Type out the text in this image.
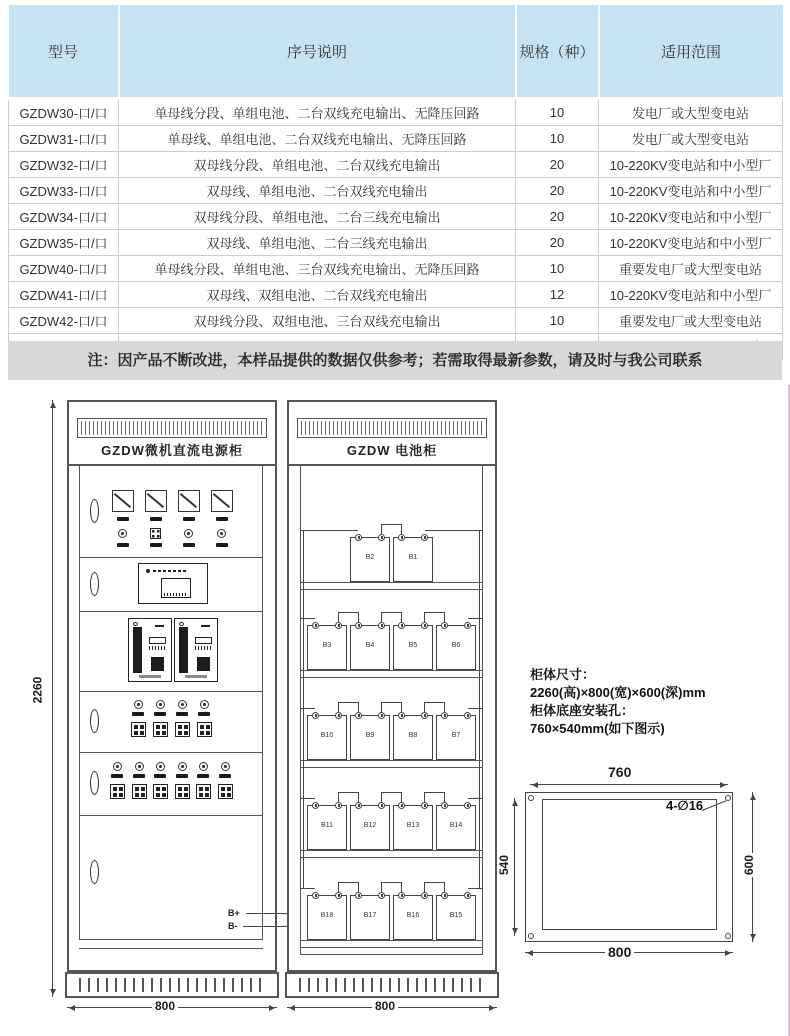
型号	序号说明	规格（种）	适用范围
GZDW30-口/口	单母线分段、单组电池、二台双线充电输出、无降压回路	10	发电厂或大型变电站
GZDW31-口/口	单母线、单组电池、二台双线充电输出、无降压回路	10	发电厂或大型变电站
GZDW32-口/口	双母线分段、单组电池、二台双线充电输出	20	10-220KV变电站和中小型厂
GZDW33-口/口	双母线、单组电池、二台双线充电输出	20	10-220KV变电站和中小型厂
GZDW34-口/口	双母线分段、单组电池、二台三线充电输出	20	10-220KV变电站和中小型厂
GZDW35-口/口	双母线、单组电池、二台三线充电输出	20	10-220KV变电站和中小型厂
GZDW40-口/口	单母线分段、单组电池、三台双线充电输出、无降压回路	10	重要发电厂或大型变电站
GZDW41-口/口	双母线、双组电池、二台双线充电输出	12	10-220KV变电站和中小型厂
GZDW42-口/口	双母线分段、双组电池、三台双线充电输出	10	重要发电厂或大型变电站

注：因产品不断改进，本样品提供的数据仅供参考；若需取得最新参数，请及时与我公司联系
2260
GZDW微机直流电源柜
800
B+
B-
GZDW 电池柜
800
柜体尺寸：
2260(高)×800(宽)×600(深)mm
柜体底座安装孔：
760×540mm(如下图示)
4-∅16
760
800
540	600
B2	B1
B3	B4	B5	B6
B10	B9	B8	B7
B11	B12	B13	B14
B18	B17	B16	B15
